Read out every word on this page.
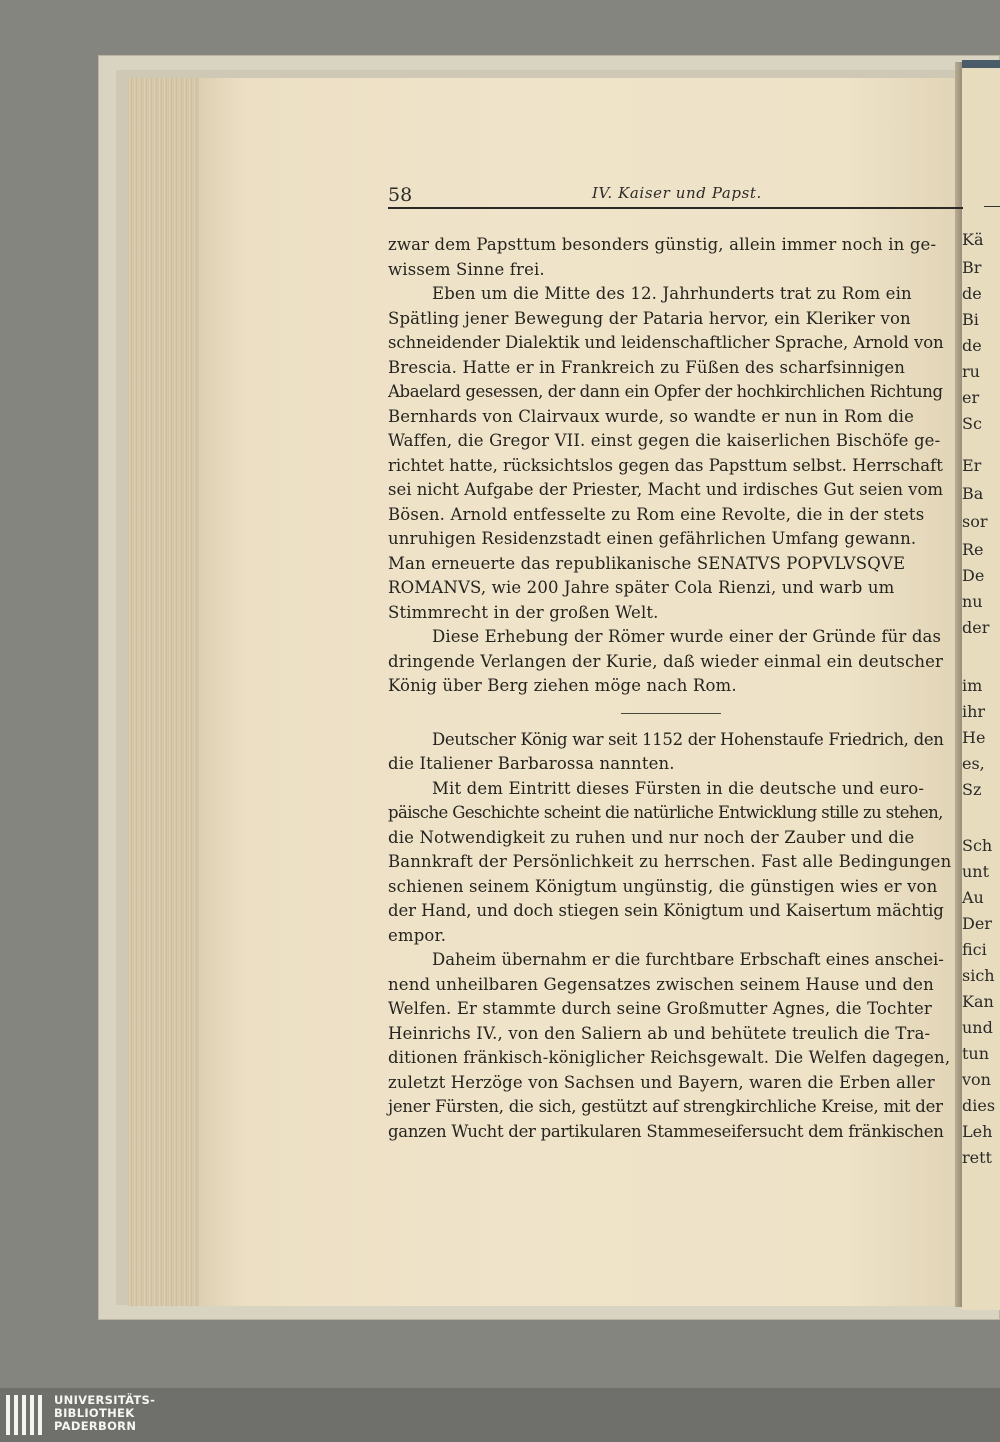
Kä
Br
de
Bi
de
ru
er
Sc
Er
Ba
sor
Re
De
nu
der
im
ihr
He
es,
Sz
Sch
unt
Au
Der
fici
sich
Kan
und
tun
von
dies
Leh
rett
58	IV. Kaiser und Papst.
zwar dem Papsttum besonders günstig, allein immer noch in ge-
wissem Sinne frei.
Eben um die Mitte des 12. Jahrhunderts trat zu Rom ein
Spätling jener Bewegung der Pataria hervor, ein Kleriker von
schneidender Dialektik und leidenschaftlicher Sprache, Arnold von
Brescia. Hatte er in Frankreich zu Füßen des scharfsinnigen
Abaelard gesessen, der dann ein Opfer der hochkirchlichen Richtung
Bernhards von Clairvaux wurde, so wandte er nun in Rom die
Waffen, die Gregor VII. einst gegen die kaiserlichen Bischöfe ge-
richtet hatte, rücksichtslos gegen das Papsttum selbst. Herrschaft
sei nicht Aufgabe der Priester, Macht und irdisches Gut seien vom
Bösen. Arnold entfesselte zu Rom eine Revolte, die in der stets
unruhigen Residenzstadt einen gefährlichen Umfang gewann.
Man erneuerte das republikanische SENATVS POPVLVSQVE
ROMANVS, wie 200 Jahre später Cola Rienzi, und warb um
Stimmrecht in der großen Welt.
Diese Erhebung der Römer wurde einer der Gründe für das
dringende Verlangen der Kurie, daß wieder einmal ein deutscher
König über Berg ziehen möge nach Rom.
Deutscher König war seit 1152 der Hohenstaufe Friedrich, den
die Italiener Barbarossa nannten.
Mit dem Eintritt dieses Fürsten in die deutsche und euro-
päische Geschichte scheint die natürliche Entwicklung stille zu stehen,
die Notwendigkeit zu ruhen und nur noch der Zauber und die
Bannkraft der Persönlichkeit zu herrschen. Fast alle Bedingungen
schienen seinem Königtum ungünstig, die günstigen wies er von
der Hand, und doch stiegen sein Königtum und Kaisertum mächtig
empor.
Daheim übernahm er die furchtbare Erbschaft eines anschei-
nend unheilbaren Gegensatzes zwischen seinem Hause und den
Welfen. Er stammte durch seine Großmutter Agnes, die Tochter
Heinrichs IV., von den Saliern ab und behütete treulich die Tra-
ditionen fränkisch-königlicher Reichsgewalt. Die Welfen dagegen,
zuletzt Herzöge von Sachsen und Bayern, waren die Erben aller
jener Fürsten, die sich, gestützt auf strengkirchliche Kreise, mit der
ganzen Wucht der partikularen Stammeseifersucht dem fränkischen
UNIVERSITÄTS-
BIBLIOTHEK
PADERBORN
